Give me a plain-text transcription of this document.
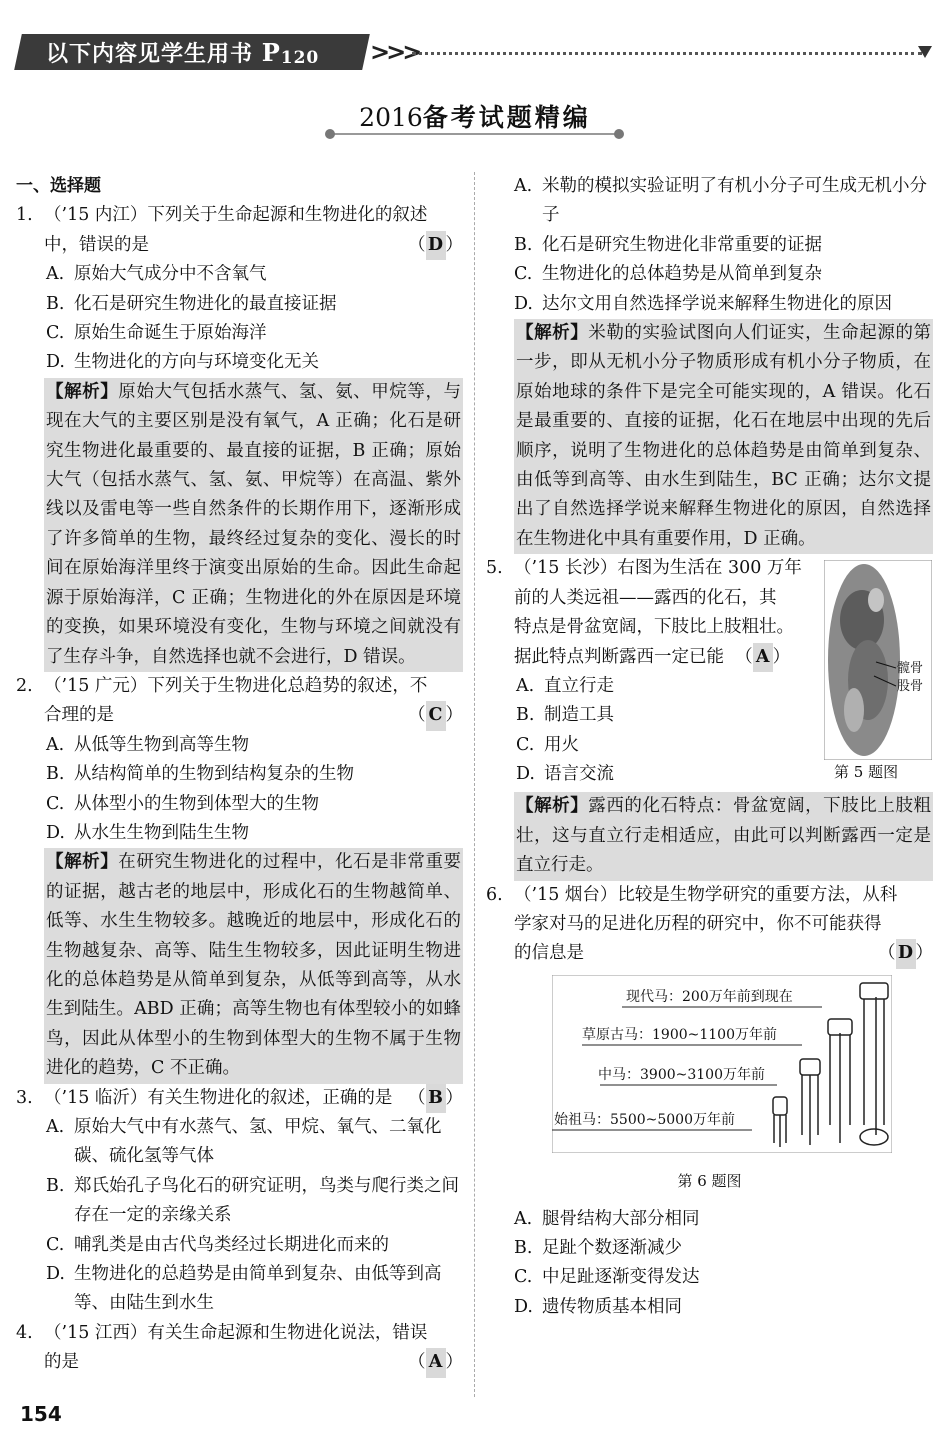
以下内容见学生用书 $P_{120}$ >>>
2016备考试题精编
一、选择题
1. （’15 内江）下列关于生命起源和生物进化的叙述
中，错误的是	（ D ）
A. 原始大气成分中不含氧气
B. 化石是研究生物进化的最直接证据
C. 原始生命诞生于原始海洋
D. 生物进化的方向与环境变化无关
【解析】原始大气包括水蒸气、氢、氨、甲烷等，与现在大气的主要区别是没有氧气，A 正确；化石是研究生物进化最重要的、最直接的证据，B 正确；原始大气（包括水蒸气、氢、氨、甲烷等）在高温、紫外线以及雷电等一些自然条件的长期作用下，逐渐形成了许多简单的生物，最终经过复杂的变化、漫长的时间在原始海洋里终于演变出原始的生命。因此生命起源于原始海洋，C 正确；生物进化的外在原因是环境的变换，如果环境没有变化，生物与环境之间就没有了生存斗争，自然选择也就不会进行，D 错误。
2. （’15 广元）下列关于生物进化总趋势的叙述，不
合理的是	（ C ）
A. 从低等生物到高等生物
B. 从结构简单的生物到结构复杂的生物
C. 从体型小的生物到体型大的生物
D. 从水生生物到陆生生物
【解析】在研究生物进化的过程中，化石是非常重要的证据，越古老的地层中，形成化石的生物越简单、低等、水生生物较多。越晚近的地层中，形成化石的生物越复杂、高等、陆生生物较多，因此证明生物进化的总体趋势是从简单到复杂，从低等到高等，从水生到陆生。ABD 正确；高等生物也有体型较小的如蜂鸟，因此从体型小的生物到体型大的生物不属于生物进化的趋势，C 不正确。
3. （’15 临沂）有关生物进化的叙述，正确的是 （ B ）
A. 原始大气中有水蒸气、氢、甲烷、氧气、二氧化碳、硫化氢等气体
B. 郑氏始孔子鸟化石的研究证明，鸟类与爬行类之间存在一定的亲缘关系
C. 哺乳类是由古代鸟类经过长期进化而来的
D. 生物进化的总趋势是由简单到复杂、由低等到高等、由陆生到水生
4. （’15 江西）有关生命起源和生物进化说法，错误
的是	（ A ）
A. 米勒的模拟实验证明了有机小分子可生成无机小分子
B. 化石是研究生物进化非常重要的证据
C. 生物进化的总体趋势是从简单到复杂
D. 达尔文用自然选择学说来解释生物进化的原因
【解析】米勒的实验试图向人们证实，生命起源的第一步，即从无机小分子物质形成有机小分子物质，在原始地球的条件下是完全可能实现的，A 错误。化石是最重要的、直接的证据，化石在地层中出现的先后顺序，说明了生物进化的总体趋势是由简单到复杂、由低等到高等、由水生到陆生，BC 正确；达尔文提出了自然选择学说来解释生物进化的原因，自然选择在生物进化中具有重要作用，D 正确。
5. （’15 长沙）右图为生活在 300 万年
前的人类远祖——露西的化石，其
特点是骨盆宽阔，下肢比上肢粗壮。
据此特点判断露西一定已能 （ A ）
A. 直立行走
B. 制造工具
C. 用火
D. 语言交流
髋骨
股骨
第 5 题图
【解析】露西的化石特点：骨盆宽阔，下肢比上肢粗壮，这与直立行走相适应，由此可以判断露西一定是直立行走。
6. （’15 烟台）比较是生物学研究的重要方法，从科
学家对马的足进化历程的研究中，你不可能获得
的信息是	（ D ）
现代马：200万年前到现在
草原古马：1900~1100万年前
中马：3900~3100万年前
始祖马：5500~5000万年前
第 6 题图
A. 腿骨结构大部分相同
B. 足趾个数逐渐减少
C. 中足趾逐渐变得发达
D. 遗传物质基本相同
154
